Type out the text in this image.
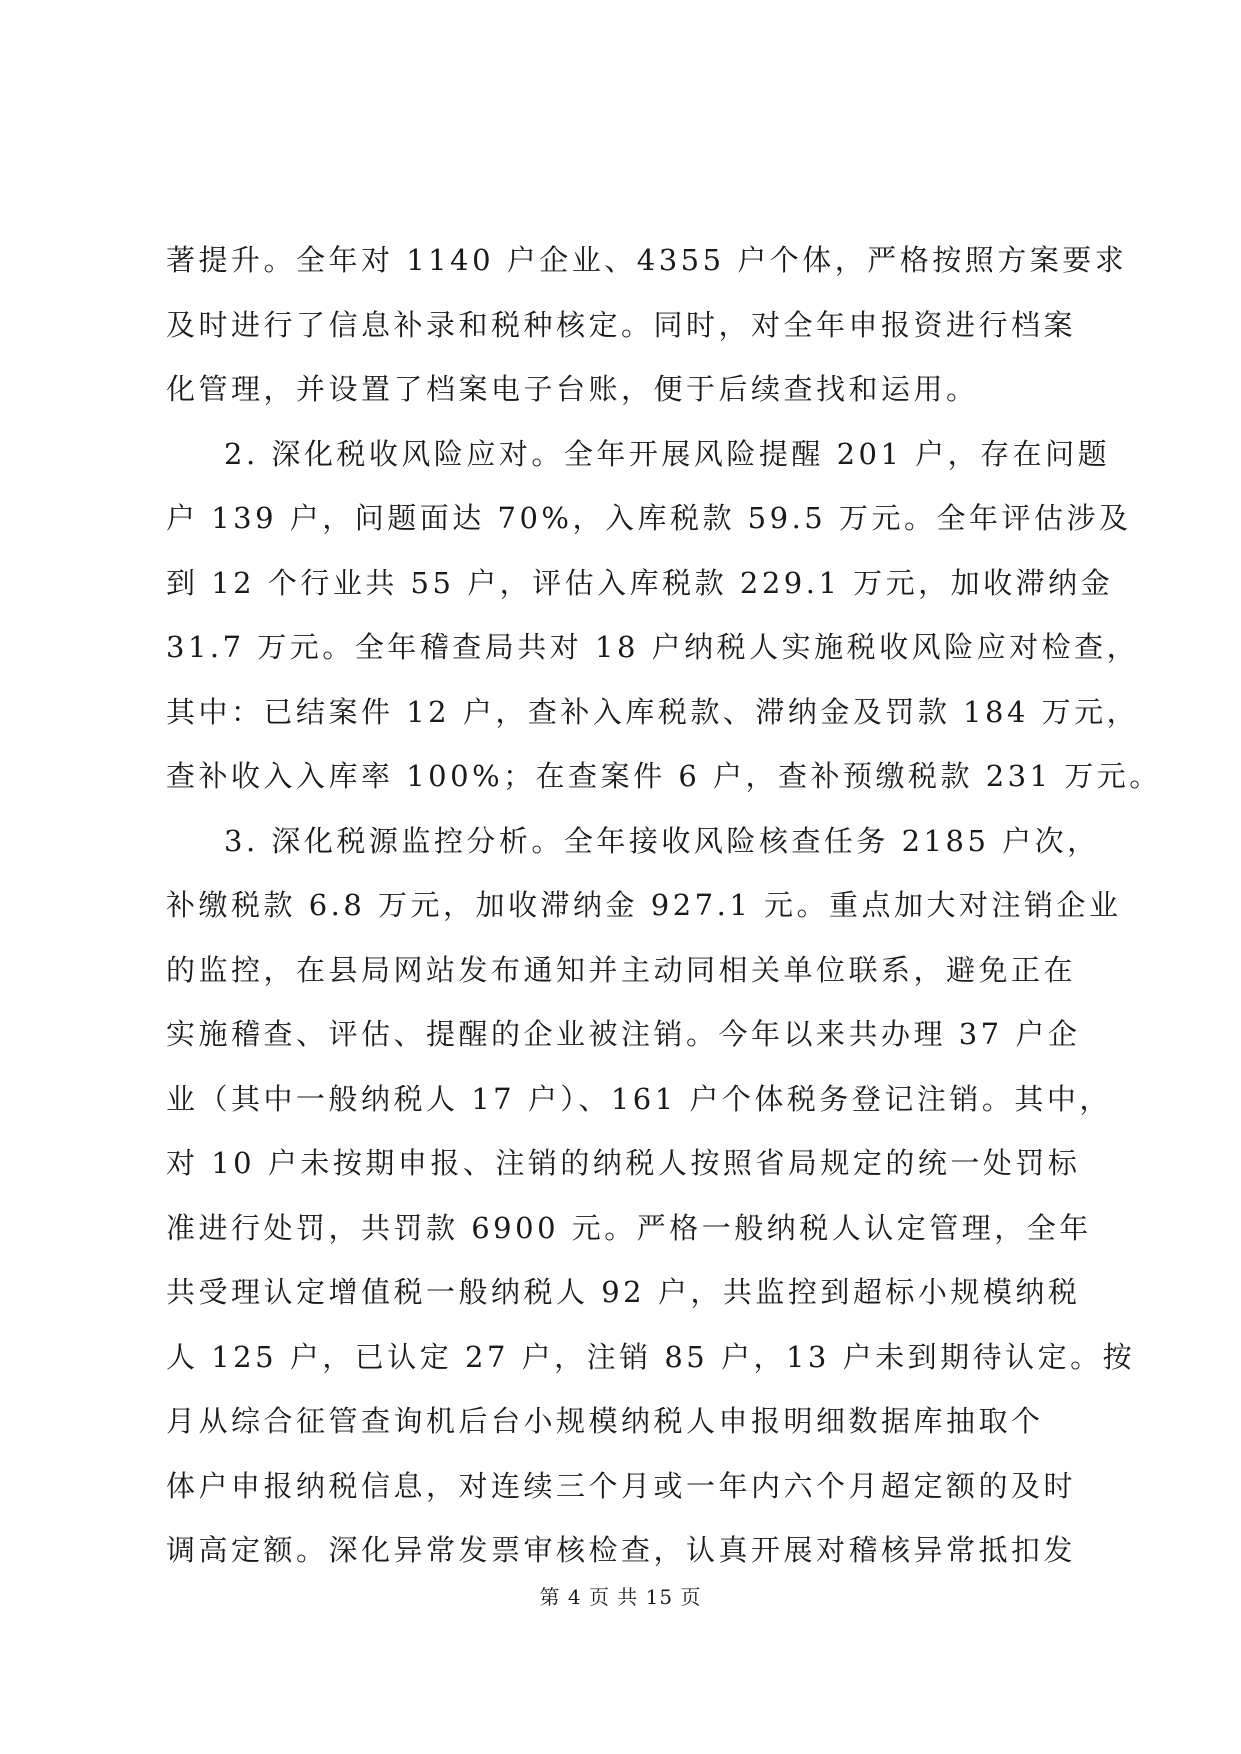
著提升。全年对 1140 户企业、4355 户个体，严格按照方案要求
及时进行了信息补录和税种核定。同时，对全年申报资进行档案
化管理，并设置了档案电子台账，便于后续查找和运用。
2. 深化税收风险应对。全年开展风险提醒 201 户，存在问题
户 139 户，问题面达 70%，入库税款 59.5 万元。全年评估涉及
到 12 个行业共 55 户，评估入库税款 229.1 万元，加收滞纳金
31.7 万元。全年稽查局共对 18 户纳税人实施税收风险应对检查，
其中：已结案件 12 户，查补入库税款、滞纳金及罚款 184 万元，
查补收入入库率 100%；在查案件 6 户，查补预缴税款 231 万元。
3. 深化税源监控分析。全年接收风险核查任务 2185 户次，
补缴税款 6.8 万元，加收滞纳金 927.1 元。重点加大对注销企业
的监控，在县局网站发布通知并主动同相关单位联系，避免正在
实施稽查、评估、提醒的企业被注销。今年以来共办理 37 户企
业（其中一般纳税人 17 户）、161 户个体税务登记注销。其中，
对 10 户未按期申报、注销的纳税人按照省局规定的统一处罚标
准进行处罚，共罚款 6900 元。严格一般纳税人认定管理，全年
共受理认定增值税一般纳税人 92 户，共监控到超标小规模纳税
人 125 户，已认定 27 户，注销 85 户，13 户未到期待认定。按
月从综合征管查询机后台小规模纳税人申报明细数据库抽取个
体户申报纳税信息，对连续三个月或一年内六个月超定额的及时
调高定额。深化异常发票审核检查，认真开展对稽核异常抵扣发
第 4 页 共 15 页
